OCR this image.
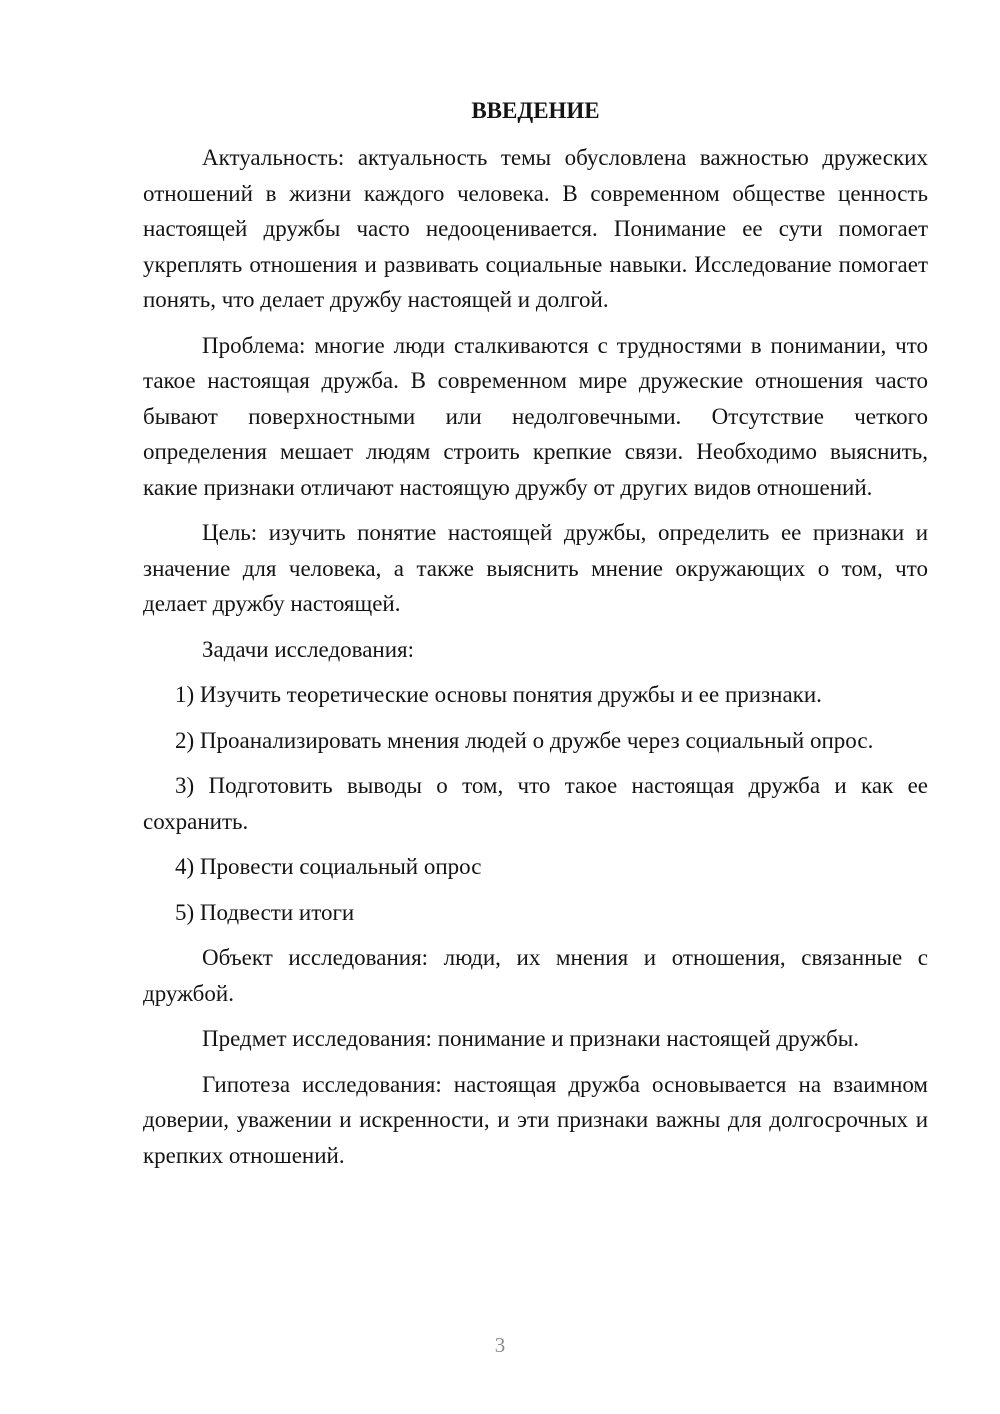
ВВЕДЕНИЕ

Актуальность: актуальность темы обусловлена важностью дружеских отношений в жизни каждого человека. В современном обществе ценность настоящей дружбы часто недооценивается. Понимание ее сути помогает укреплять отношения и развивать социальные навыки. Исследование помогает понять, что делает дружбу настоящей и долгой.

Проблема: многие люди сталкиваются с трудностями в понимании, что такое настоящая дружба. В современном мире дружеские отношения часто бывают поверхностными или недолговечными. Отсутствие четкого определения мешает людям строить крепкие связи. Необходимо выяснить, какие признаки отличают настоящую дружбу от других видов отношений.

Цель: изучить понятие настоящей дружбы, определить ее признаки и значение для человека, а также выяснить мнение окружающих о том, что делает дружбу настоящей.

Задачи исследования:

1) Изучить теоретические основы понятия дружбы и ее признаки.

2) Проанализировать мнения людей о дружбе через социальный опрос.

3) Подготовить выводы о том, что такое настоящая дружба и как ее сохранить.

4) Провести социальный опрос

5) Подвести итоги

Объект исследования: люди, их мнения и отношения, связанные с дружбой.

Предмет исследования: понимание и признаки настоящей дружбы.

Гипотеза исследования: настоящая дружба основывается на взаимном доверии, уважении и искренности, и эти признаки важны для долгосрочных и крепких отношений.

3
